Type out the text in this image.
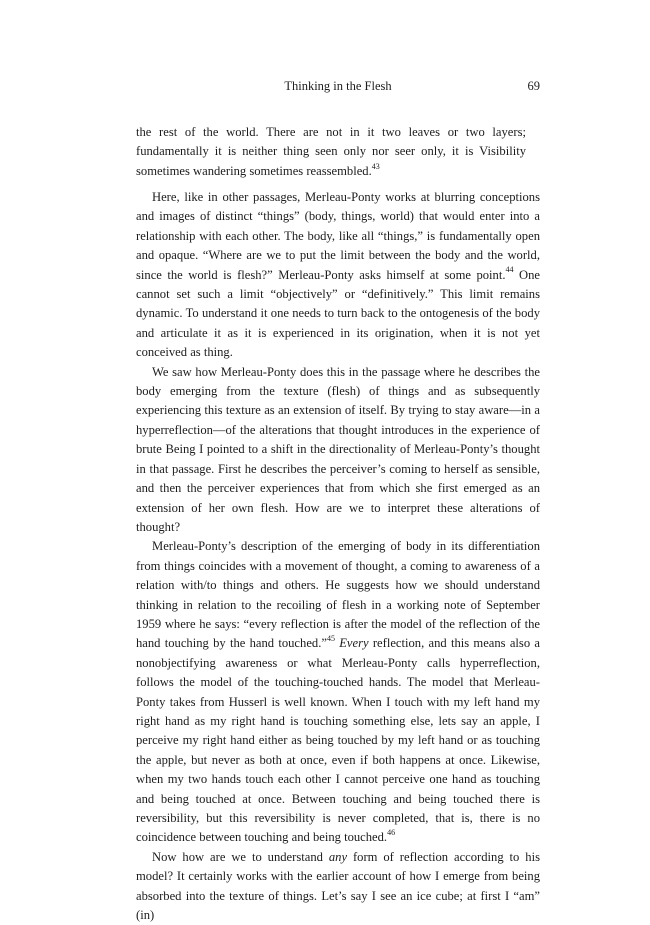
Thinking in the Flesh	69

the rest of the world. There are not in it two leaves or two layers; fundamentally it is neither thing seen only nor seer only, it is Visibility sometimes wandering sometimes reassembled.$^{43}$

Here, like in other passages, Merleau-Ponty works at blurring conceptions and images of distinct “things” (body, things, world) that would enter into a relationship with each other. The body, like all “things,” is fundamentally open and opaque. “Where are we to put the limit between the body and the world, since the world is flesh?” Merleau-Ponty asks himself at some point.$^{44}$ One cannot set such a limit “objectively” or “definitively.” This limit remains dynamic. To understand it one needs to turn back to the ontogenesis of the body and articulate it as it is experienced in its origination, when it is not yet conceived as thing.

We saw how Merleau-Ponty does this in the passage where he describes the body emerging from the texture (flesh) of things and as subsequently experiencing this texture as an extension of itself. By trying to stay aware—in a hyperreflection—of the alterations that thought introduces in the experience of brute Being I pointed to a shift in the directionality of Merleau-Ponty’s thought in that passage. First he describes the perceiver’s coming to herself as sensible, and then the perceiver experiences that from which she first emerged as an extension of her own flesh. How are we to interpret these alterations of thought?

Merleau-Ponty’s description of the emerging of body in its differentiation from things coincides with a movement of thought, a coming to awareness of a relation with/to things and others. He suggests how we should understand thinking in relation to the recoiling of flesh in a working note of September 1959 where he says: “every reflection is after the model of the reflection of the hand touching by the hand touched.”$^{45}$ Every reflection, and this means also a nonobjectifying awareness or what Merleau-Ponty calls hyperreflection, follows the model of the touching-touched hands. The model that Merleau-Ponty takes from Husserl is well known. When I touch with my left hand my right hand as my right hand is touching something else, lets say an apple, I perceive my right hand either as being touched by my left hand or as touching the apple, but never as both at once, even if both happens at once. Likewise, when my two hands touch each other I cannot perceive one hand as touching and being touched at once. Between touching and being touched there is reversibility, but this reversibility is never completed, that is, there is no coincidence between touching and being touched.$^{46}$

Now how are we to understand any form of reflection according to his model? It certainly works with the earlier account of how I emerge from being absorbed into the texture of things. Let’s say I see an ice cube; at first I “am” (in)
